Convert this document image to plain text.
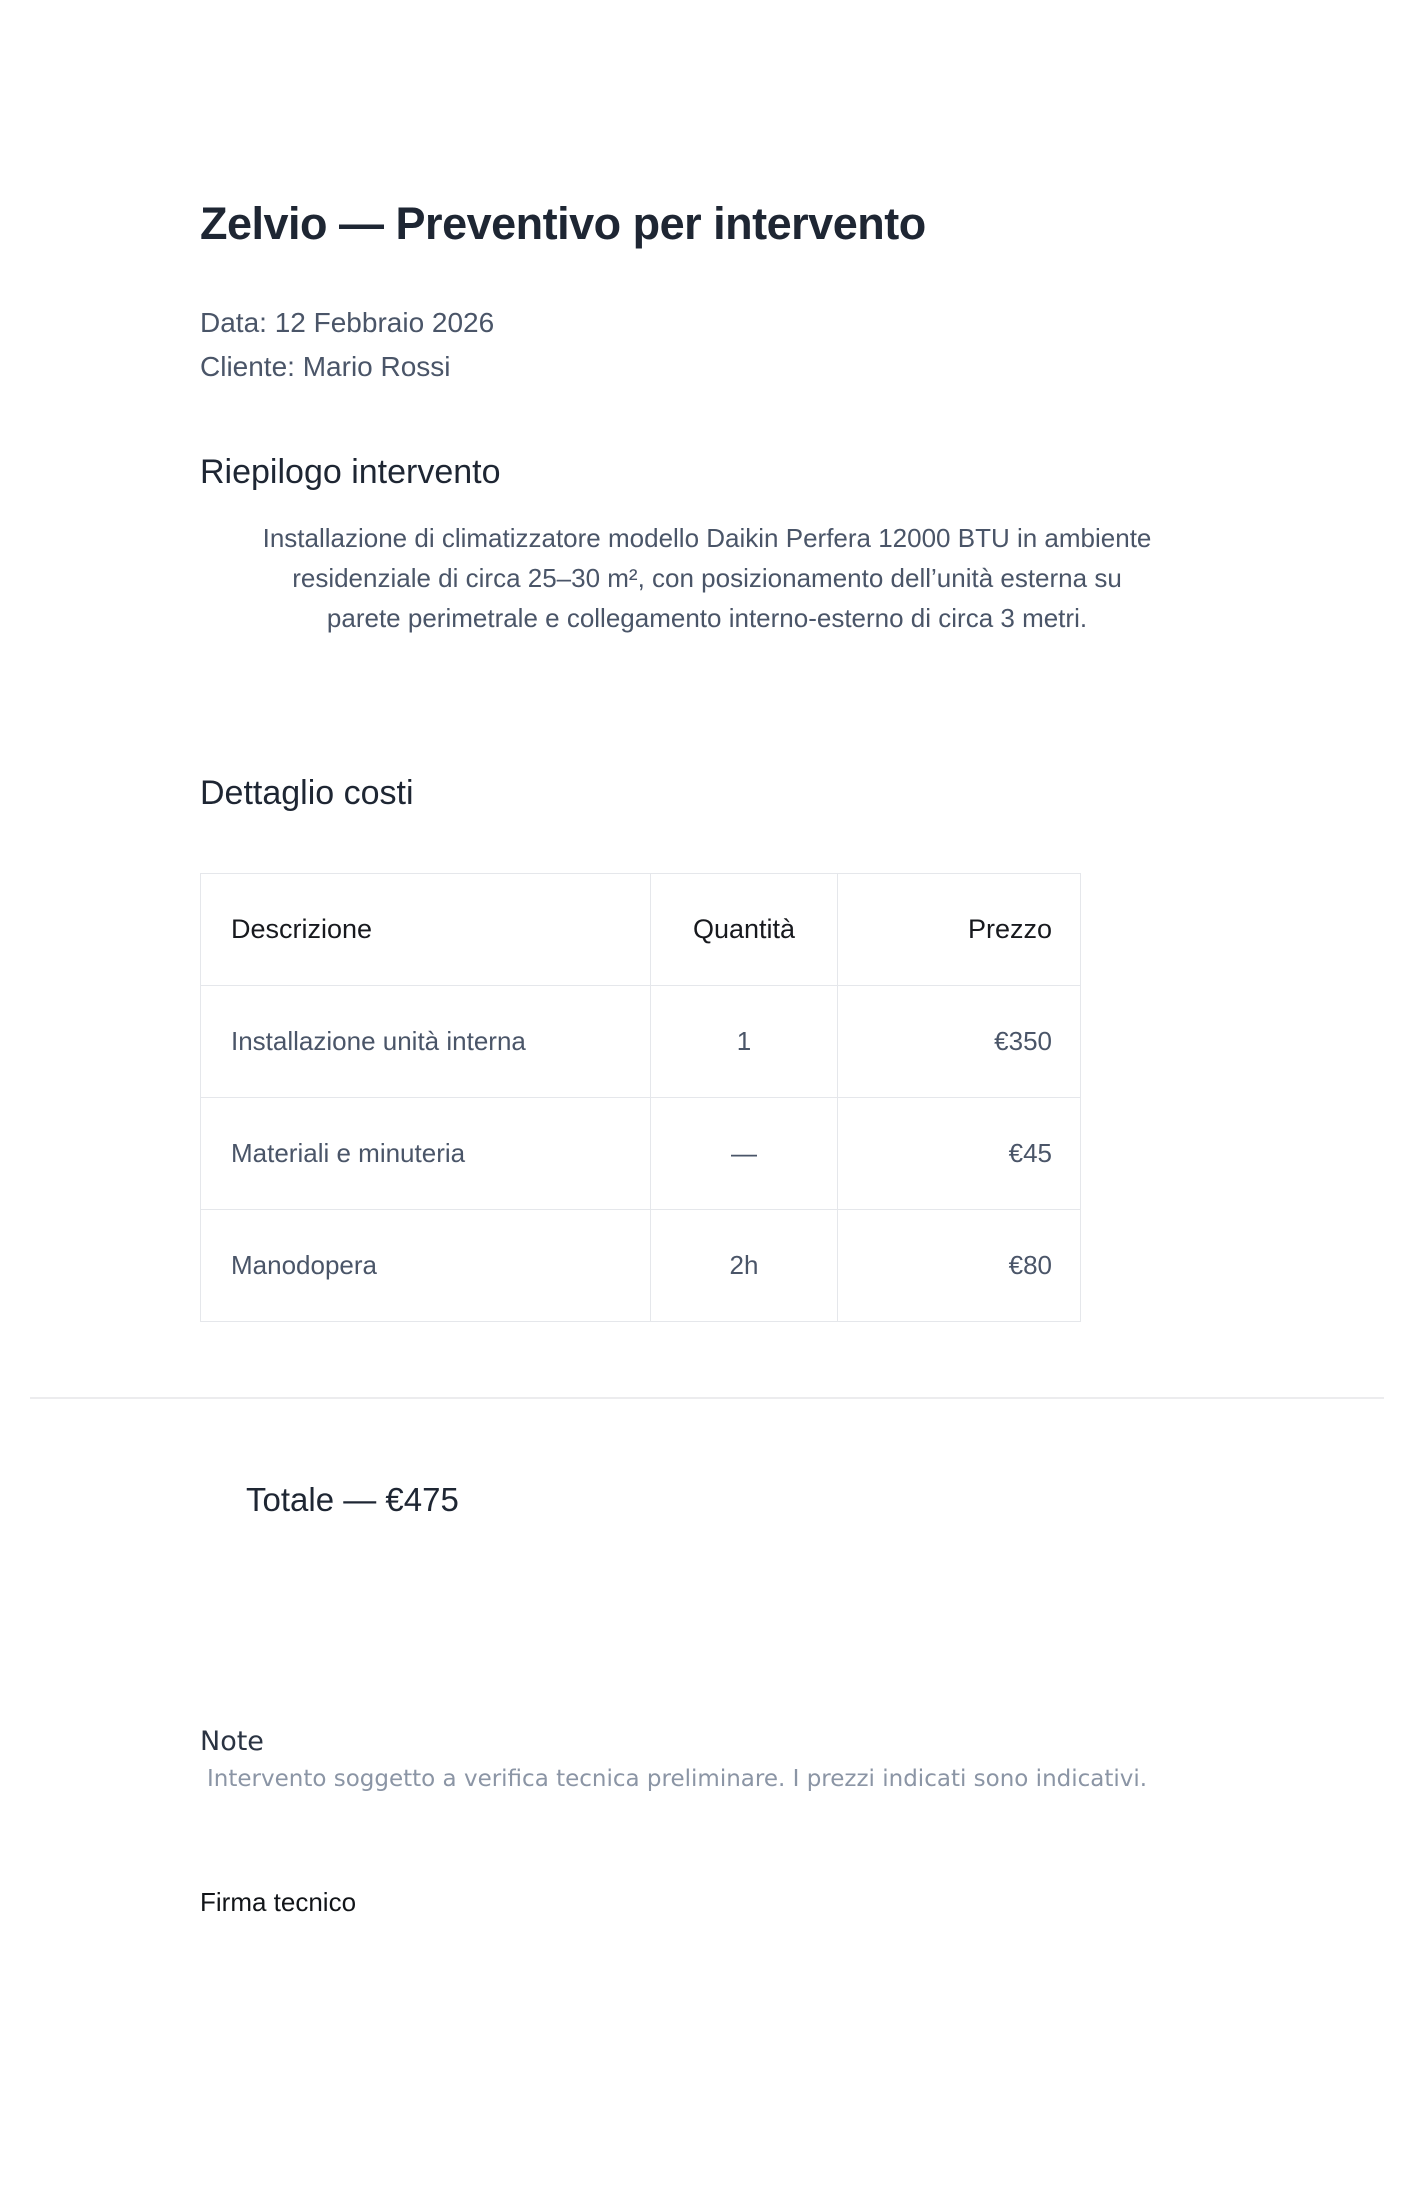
Zelvio — Preventivo per intervento

Data: 12 Febbraio 2026

Cliente: Mario Rossi

Riepilogo intervento

Installazione di climatizzatore modello Daikin Perfera 12000 BTU in ambiente
residenziale di circa 25–30 m², con posizionamento dell’unità esterna su
parete perimetrale e collegamento interno-esterno di circa 3 metri.

Dettaglio costi
Descrizione	Quantità	Prezzo
Installazione unità interna	1	€350
Materiali e minuteria	—	€45
Manodopera	2h	€80

Totale — €475

Note

Intervento soggetto a verifica tecnica preliminare. I prezzi indicati sono indicativi.

Firma tecnico
